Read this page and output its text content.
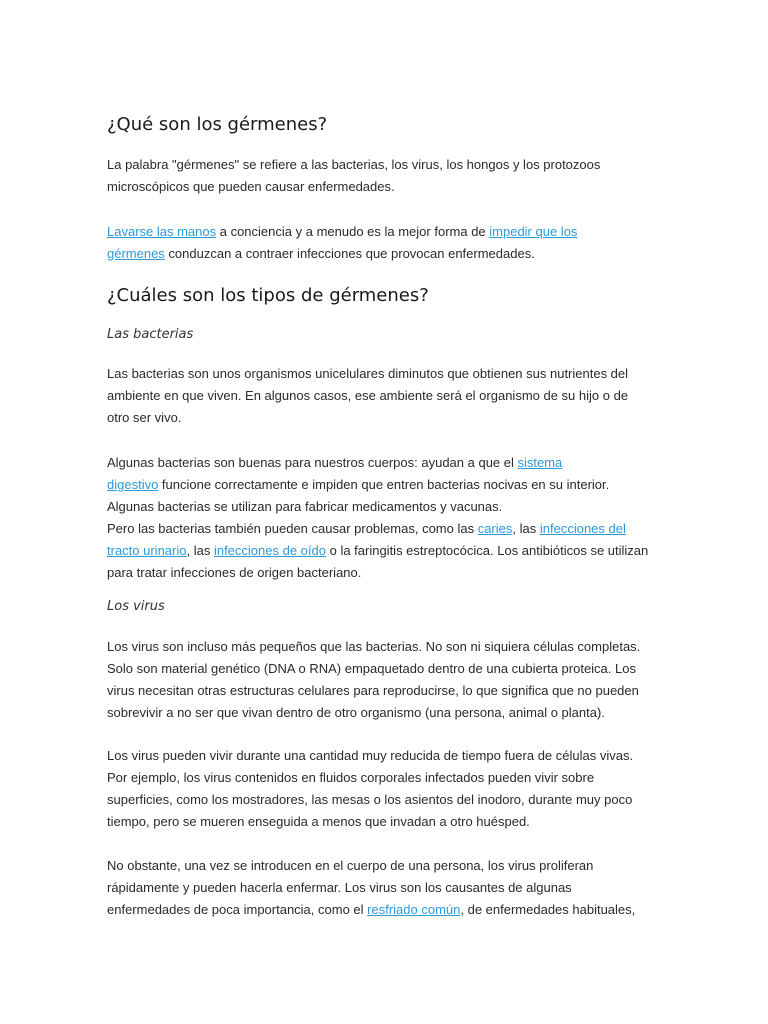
¿Qué son los gérmenes?

La palabra "gérmenes" se refiere a las bacterias, los virus, los hongos y los protozoos
microscópicos que pueden causar enfermedades.

Lavarse las manos a conciencia y a menudo es la mejor forma de impedir que los
gérmenes conduzcan a contraer infecciones que provocan enfermedades.

¿Cuáles son los tipos de gérmenes?
Las bacterias

Las bacterias son unos organismos unicelulares diminutos que obtienen sus nutrientes del
ambiente en que viven. En algunos casos, ese ambiente será el organismo de su hijo o de
otro ser vivo.

Algunas bacterias son buenas para nuestros cuerpos: ayudan a que el sistema
digestivo funcione correctamente e impiden que entren bacterias nocivas en su interior.
Algunas bacterias se utilizan para fabricar medicamentos y vacunas.
Pero las bacterias también pueden causar problemas, como las caries, las infecciones del
tracto urinario, las infecciones de oído o la faringitis estreptocócica. Los antibióticos se utilizan
para tratar infecciones de origen bacteriano.

Los virus

Los virus son incluso más pequeños que las bacterias. No son ni siquiera células completas.
Solo son material genético (DNA o RNA) empaquetado dentro de una cubierta proteica. Los
virus necesitan otras estructuras celulares para reproducirse, lo que significa que no pueden
sobrevivir a no ser que vivan dentro de otro organismo (una persona, animal o planta).

Los virus pueden vivir durante una cantidad muy reducida de tiempo fuera de células vivas.
Por ejemplo, los virus contenidos en fluidos corporales infectados pueden vivir sobre
superficies, como los mostradores, las mesas o los asientos del inodoro, durante muy poco
tiempo, pero se mueren enseguida a menos que invadan a otro huésped.

No obstante, una vez se introducen en el cuerpo de una persona, los virus proliferan
rápidamente y pueden hacerla enfermar. Los virus son los causantes de algunas
enfermedades de poca importancia, como el resfriado común, de enfermedades habituales,
